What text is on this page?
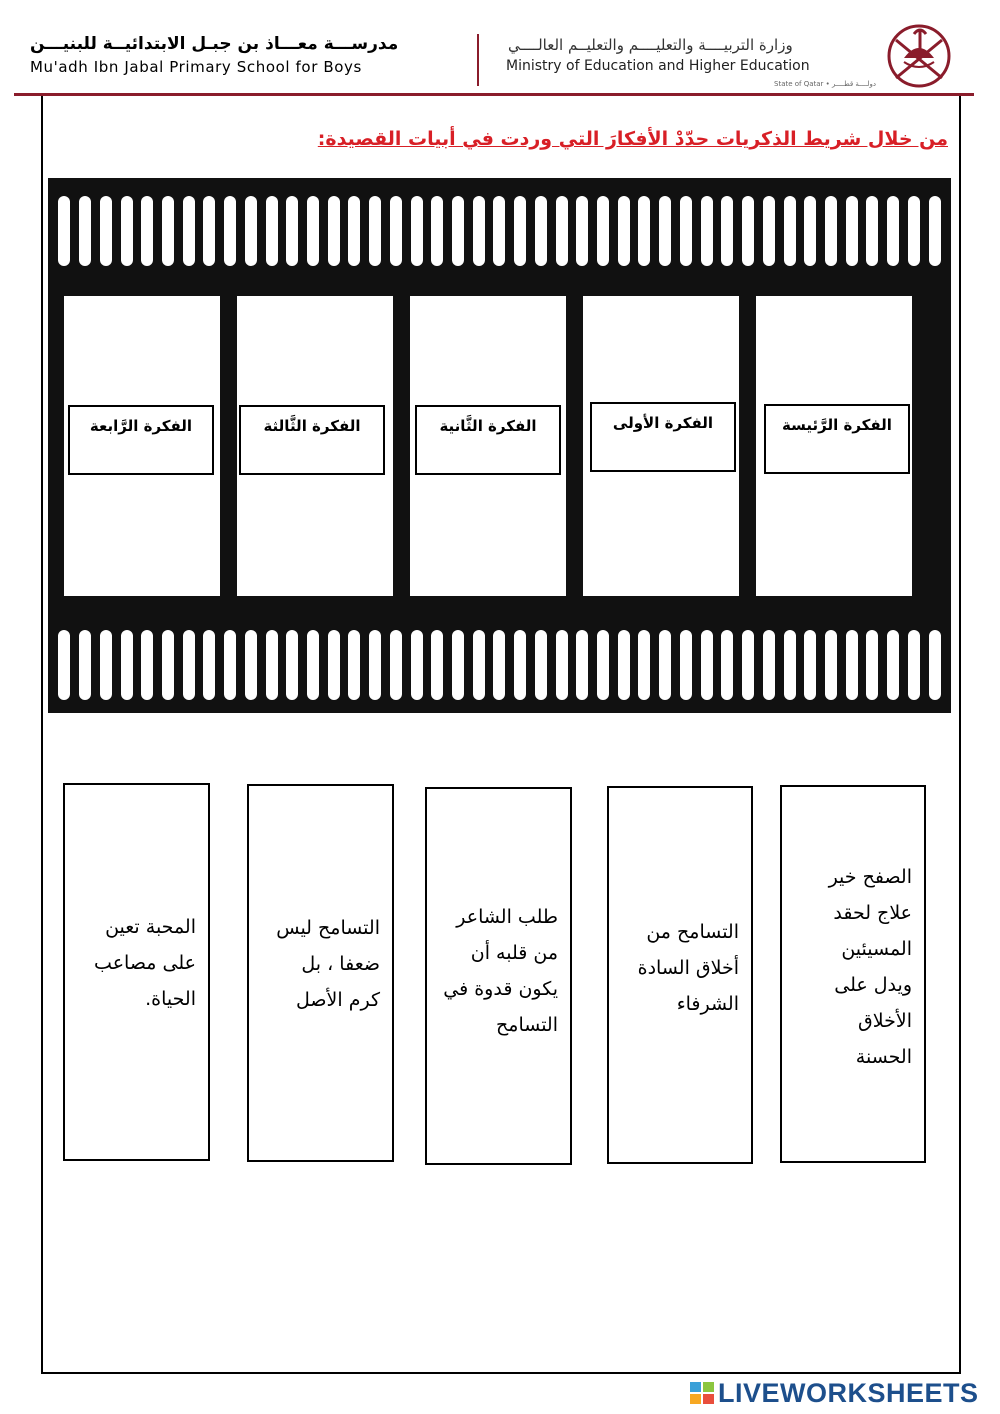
مدرســـة معـــاذ بن جبـل الابتدائيــة للبنيـــن
Mu'adh Ibn Jabal Primary School for Boys
وزارة التربيــــة والتعليــــم والتعليــم العالــــي
Ministry of Education and Higher Education
State of Qatar • دولــــة قطــــر
من خلال شريط الذكريات حدّدْ الأفكارَ التي وردت في أبيات القصيدة:
الفكرة الرَّئيسة
الفكرة الأولى
الفكرة الثَّانية
الفكرة الثَّالثة
الفكرة الرَّابعة
الصفح خير
علاج لحقد
المسيئين
ويدل على
الأخلاق
الحسنة
التسامح من
أخلاق السادة
الشرفاء
طلب الشاعر
من قلبه أن
يكون قدوة في
التسامح
التسامح ليس
ضعفا ، بل
كرم الأصل
المحبة تعين
على مصاعب
الحياة.
LIVEWORKSHEETS
